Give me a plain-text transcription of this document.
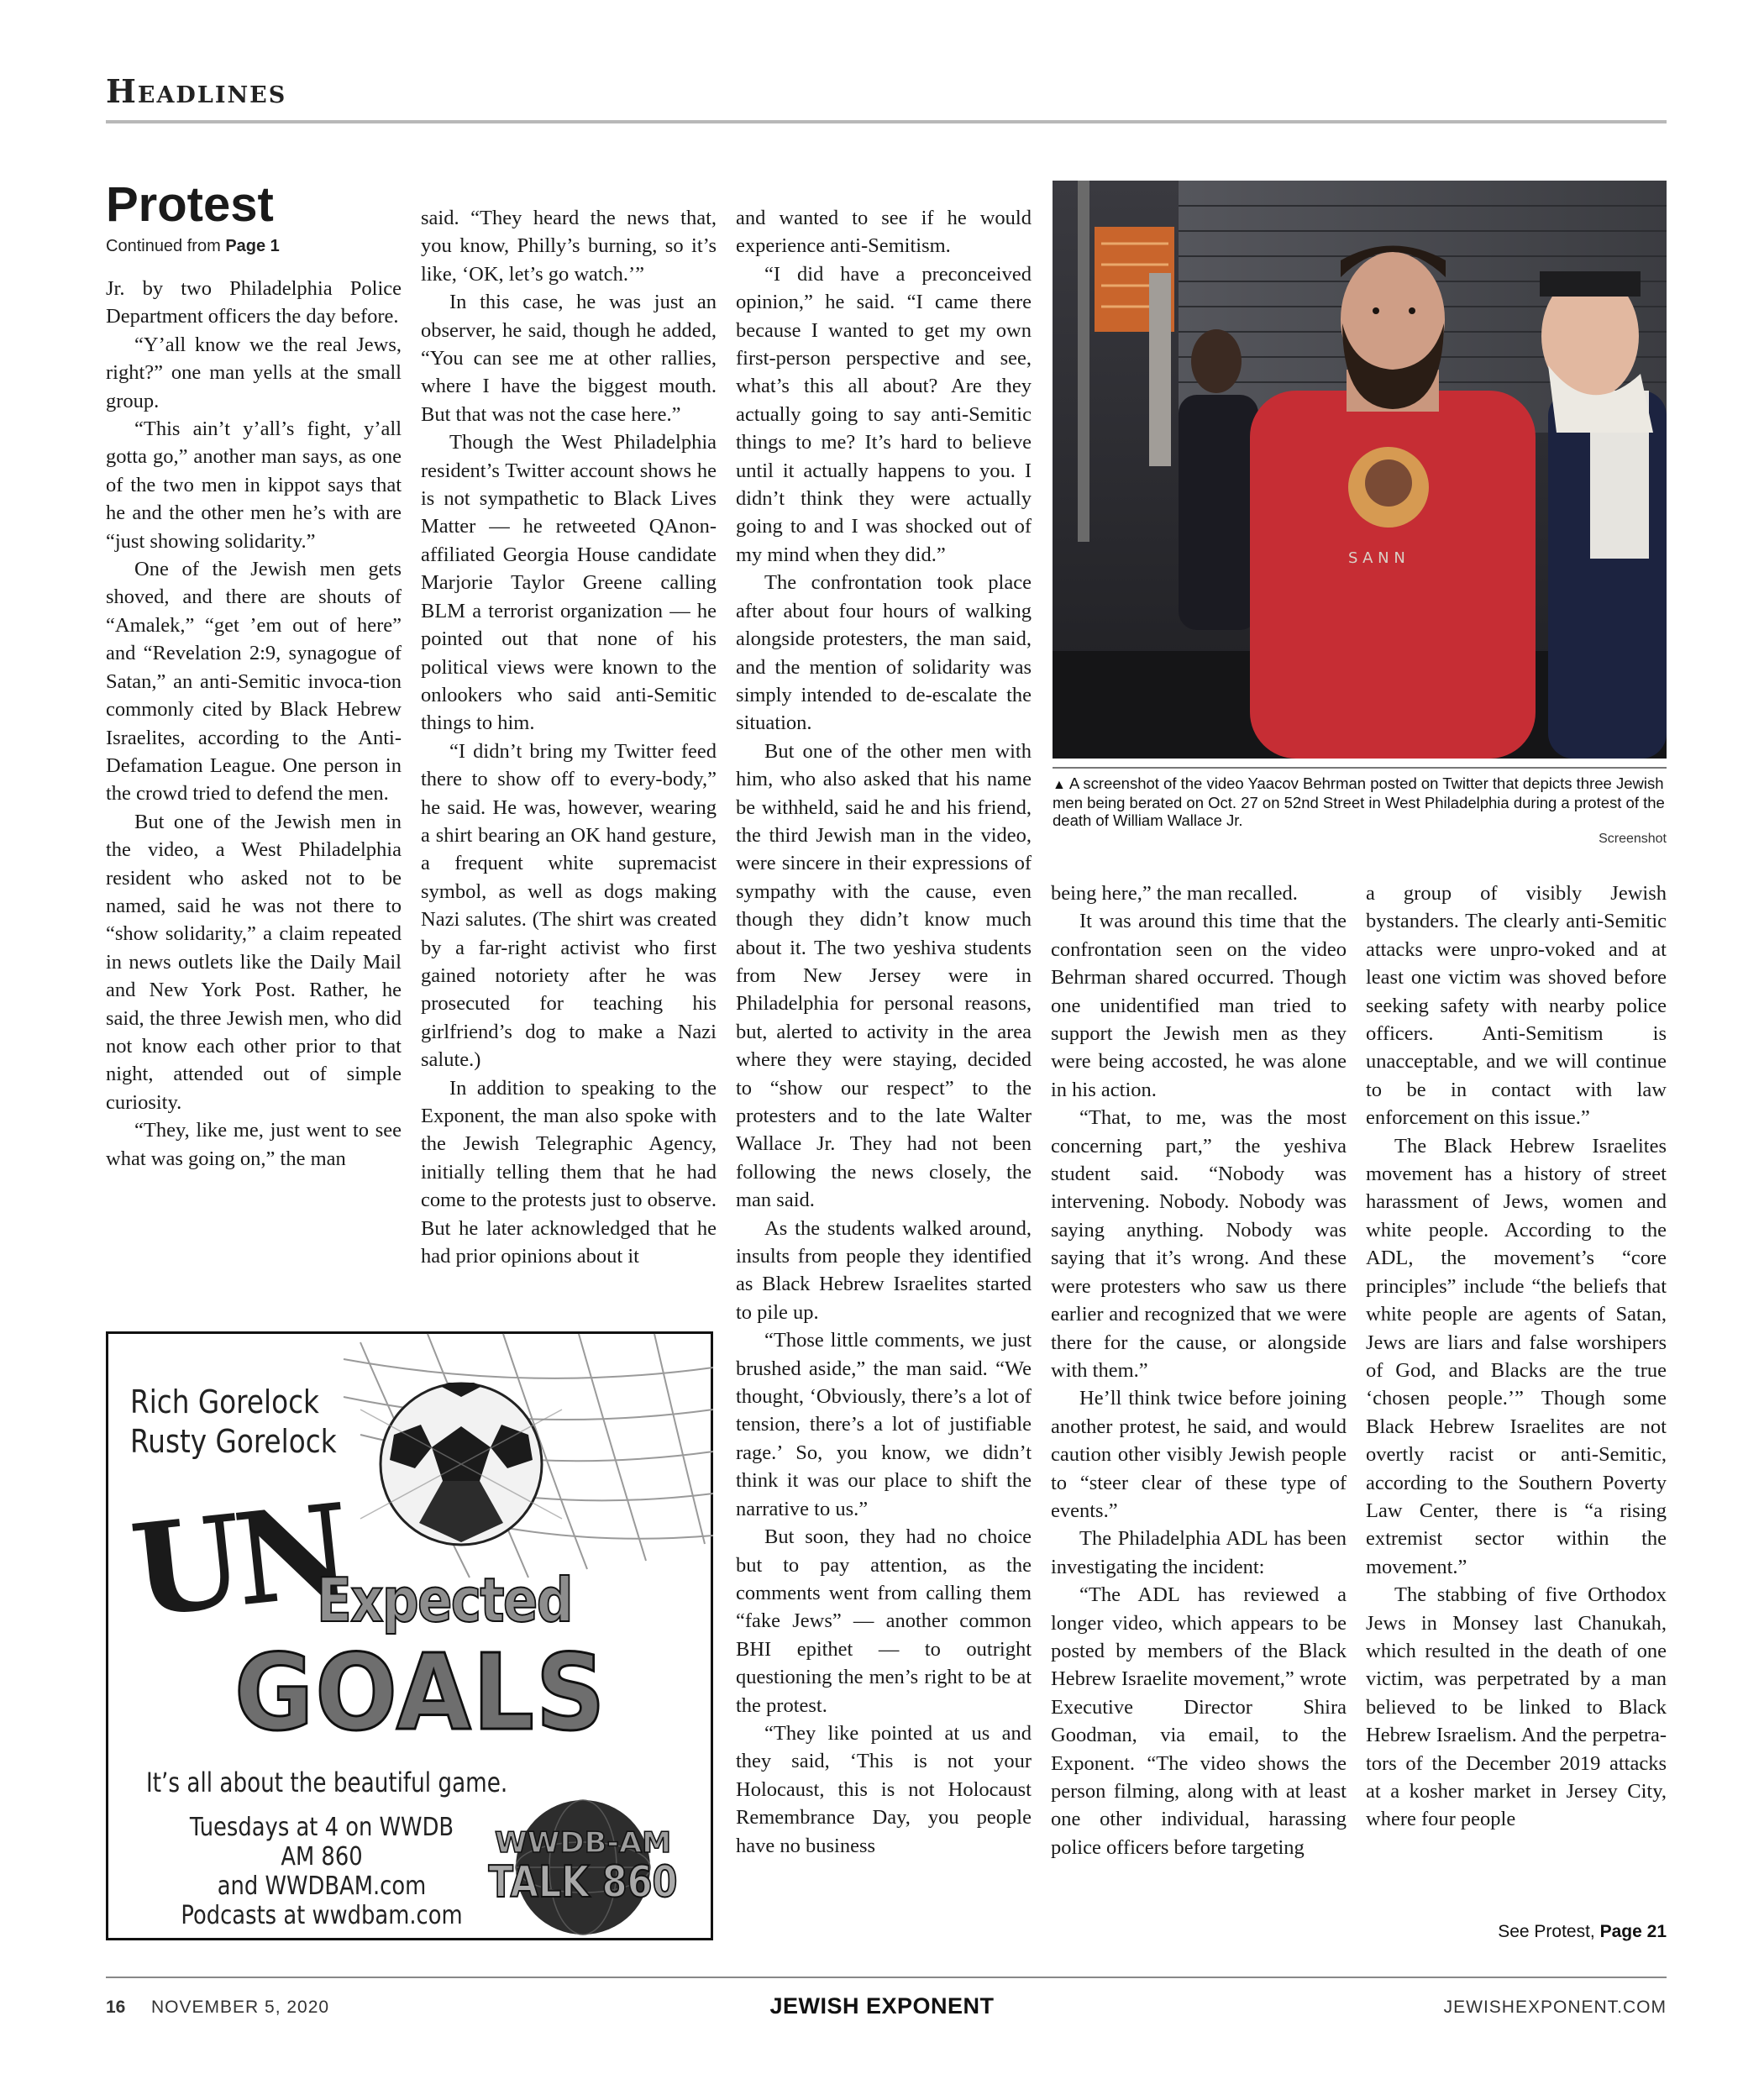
Headlines
Protest
Continued from Page 1

Jr. by two Philadelphia Police Department officers the day before.

“Y’all know we the real Jews, right?” one man yells at the small group.

“This ain’t y’all’s fight, y’all gotta go,” another man says, as one of the two men in kippot says that he and the other men he’s with are “just showing solidarity.”

One of the Jewish men gets shoved, and there are shouts of “Amalek,” “get ’em out of here” and “Revelation 2:9, synagogue of Satan,” an anti-Semitic invoca-tion commonly cited by Black Hebrew Israelites, according to the Anti-Defamation League. One person in the crowd tried to defend the men.

But one of the Jewish men in the video, a West Philadelphia resident who asked not to be named, said he was not there to “show solidarity,” a claim repeated in news outlets like the Daily Mail and New York Post. Rather, he said, the three Jewish men, who did not know each other prior to that night, attended out of simple curiosity.

“They, like me, just went to see what was going on,” the man

said. “They heard the news that, you know, Philly’s burning, so it’s like, ‘OK, let’s go watch.’”

In this case, he was just an observer, he said, though he added, “You can see me at other rallies, where I have the biggest mouth. But that was not the case here.”

Though the West Philadelphia resident’s Twitter account shows he is not sympathetic to Black Lives Matter — he retweeted QAnon-affiliated Georgia House candidate Marjorie Taylor Greene calling BLM a terrorist organization — he pointed out that none of his political views were known to the onlookers who said anti-Semitic things to him.

“I didn’t bring my Twitter feed there to show off to every-body,” he said. He was, however, wearing a shirt bearing an OK hand gesture, a frequent white supremacist symbol, as well as dogs making Nazi salutes. (The shirt was created by a far-right activist who first gained notoriety after he was prosecuted for teaching his girlfriend’s dog to make a Nazi salute.)

In addition to speaking to the Exponent, the man also spoke with the Jewish Telegraphic Agency, initially telling them that he had come to the protests just to observe. But he later acknowledged that he had prior opinions about it

and wanted to see if he would experience anti-Semitism.

“I did have a preconceived opinion,” he said. “I came there because I wanted to get my own first-person perspective and see, what’s this all about? Are they actually going to say anti-Semitic things to me? It’s hard to believe until it actually happens to you. I didn’t think they were actually going to and I was shocked out of my mind when they did.”

The confrontation took place after about four hours of walking alongside protesters, the man said, and the mention of solidarity was simply intended to de-escalate the situation.

But one of the other men with him, who also asked that his name be withheld, said he and his friend, the third Jewish man in the video, were sincere in their expressions of sympathy with the cause, even though they didn’t know much about it. The two yeshiva students from New Jersey were in Philadelphia for personal reasons, but, alerted to activity in the area where they were staying, decided to “show our respect” to the protesters and to the late Walter Wallace Jr. They had not been following the news closely, the man said.

As the students walked around, insults from people they identified as Black Hebrew Israelites started to pile up.

“Those little comments, we just brushed aside,” the man said. “We thought, ‘Obviously, there’s a lot of tension, there’s a lot of justifiable rage.’ So, you know, we didn’t think it was our place to shift the narrative to us.”

But soon, they had no choice but to pay attention, as the comments went from calling them “fake Jews” — another common BHI epithet — to outright questioning the men’s right to be at the protest.

“They like pointed at us and they said, ‘This is not your Holocaust, this is not Holocaust Remembrance Day, you people have no business

being here,” the man recalled.

It was around this time that the confrontation seen on the video Behrman shared occurred. Though one unidentified man tried to support the Jewish men as they were being accosted, he was alone in his action.

“That, to me, was the most concerning part,” the yeshiva student said. “Nobody was intervening. Nobody. Nobody was saying anything. Nobody was saying that it’s wrong. And these were protesters who saw us there earlier and recognized that we were there for the cause, or alongside with them.”

He’ll think twice before joining another protest, he said, and would caution other visibly Jewish people to “steer clear of these type of events.”

The Philadelphia ADL has been investigating the incident:

“The ADL has reviewed a longer video, which appears to be posted by members of the Black Hebrew Israelite movement,” wrote Executive Director Shira Goodman, via email, to the Exponent. “The video shows the person filming, along with at least one other individual, harassing police officers before targeting

a group of visibly Jewish bystanders. The clearly anti-Semitic attacks were unpro-voked and at least one victim was shoved before seeking safety with nearby police officers. Anti-Semitism is unacceptable, and we will continue to be in contact with law enforcement on this issue.”

The Black Hebrew Israelites movement has a history of street harassment of Jews, women and white people. According to the ADL, the movement’s “core principles” include “the beliefs that white people are agents of Satan, Jews are liars and false worshipers of God, and Blacks are the true ‘chosen people.’” Though some Black Hebrew Israelites are not overtly racist or anti-Semitic, according to the Southern Poverty Law Center, there is “a rising extremist sector within the movement.”

The stabbing of five Orthodox Jews in Monsey last Chanukah, which resulted in the death of one victim, was perpetrated by a man believed to be linked to Black Hebrew Israelism. And the perpetra-tors of the December 2019 attacks at a kosher market in Jersey City, where four people

S A N N
▲ A screenshot of the video Yaacov Behrman posted on Twitter that depicts three Jewish men being berated on Oct. 27 on 52nd Street in West Philadelphia during a protest of the death of William Wallace Jr.
Screenshot
Rich Gorelock
Rusty Gorelock
UN
Expected
GOALS
It’s all about the beautiful game.
Tuesdays at 4 on WWDB AM 860
and WWDBAM.com
Podcasts at wwdbam.com
WWDB-AM
TALK 860
See Protest, Page 21
16 NOVEMBER 5, 2020	JEWISH EXPONENT	JEWISHEXPONENT.COM
